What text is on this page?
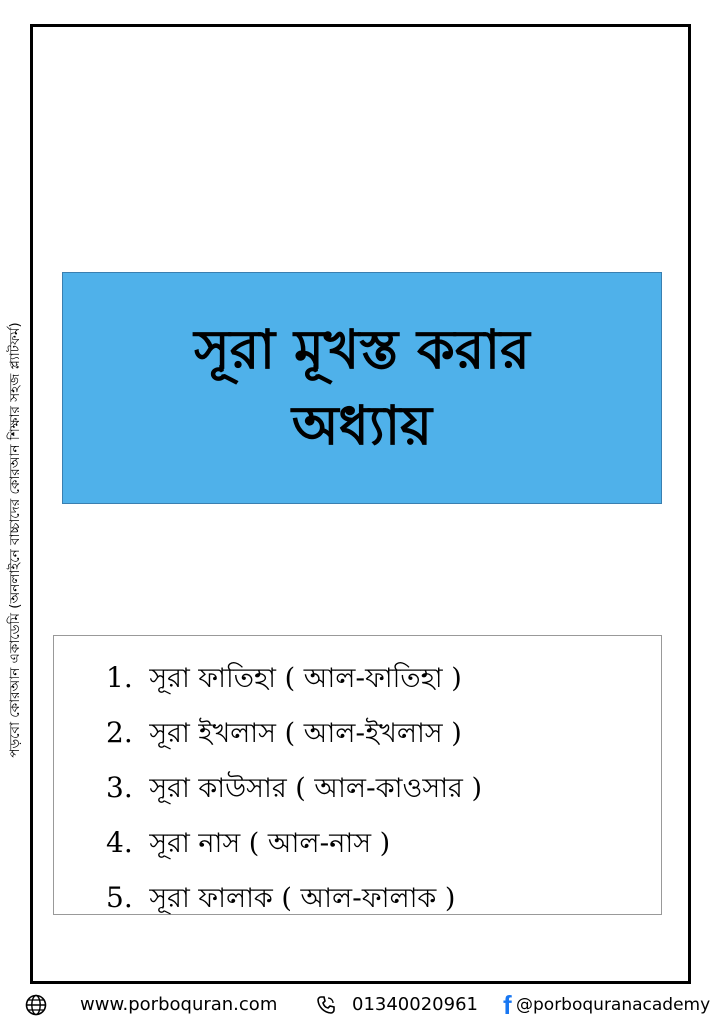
পড়বো কোরআন একাডেমি (অনলাইনে বাচ্চাদের কোরআন শিক্ষার সহজ প্ল্যাটফর্ম)	সূরা মূখস্ত করার
অধ্যায়
1. সূরা ফাতিহা ( আল-ফাতিহা )
2. সূরা ইখলাস ( আল-ইখলাস )
3. সূরা কাউসার ( আল-কাওসার )
4. সূরা নাস ( আল-নাস )
5. সূরা ফালাক ( আল-ফালাক )
www.porboquran.com	01340020961 f @porboquranacademy
